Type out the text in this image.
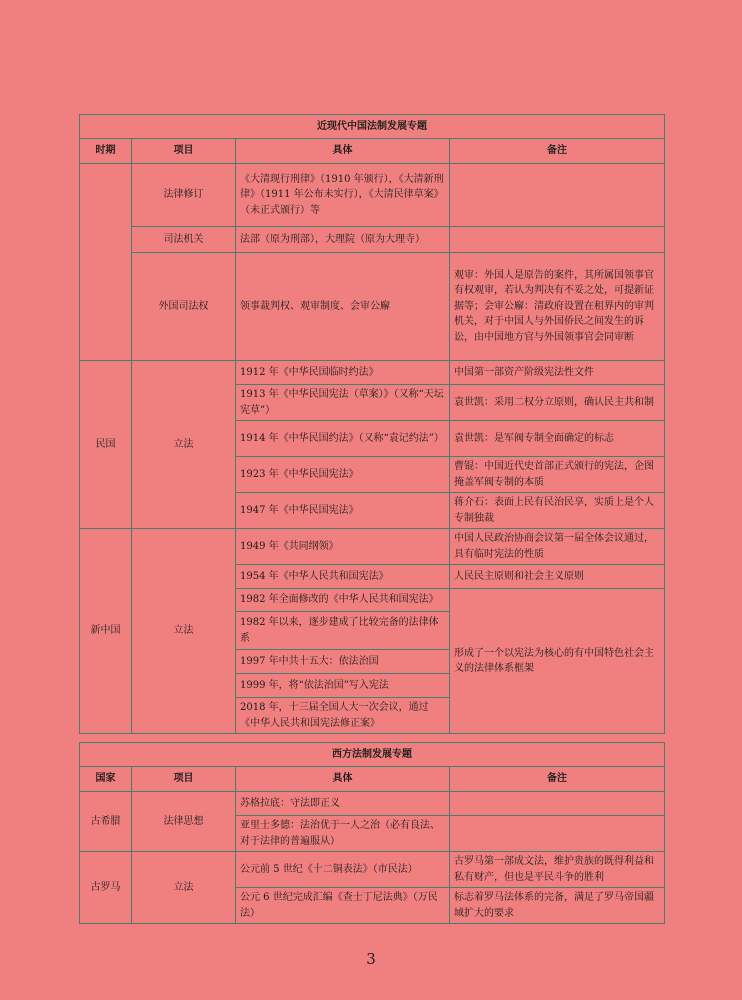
近现代中国法制发展专题			
时期	项目	具体	备注
	法律修订	《大清现行刑律》（1910 年颁行），《大清新刑律》（1911 年公布未实行），《大清民律草案》（未正式颁行）等	
	司法机关	法部（原为刑部），大理院（原为大理寺）	
	外国司法权	领事裁判权、观审制度、会审公廨	观审：外国人是原告的案件，其所属国领事官有权观审，若认为判决有不妥之处，可提新证据等；会审公廨：清政府设置在租界内的审判机关，对于中国人与外国侨民之间发生的诉讼，由中国地方官与外国领事官会同审断
民国	立法	1912 年《中华民国临时约法》	中国第一部资产阶级宪法性文件
		1913 年《中华民国宪法（草案）》（又称“天坛宪草”）	袁世凯：采用二权分立原则，确认民主共和制
		1914 年《中华民国约法》（又称“袁记约法”）	袁世凯：是军阀专制全面确定的标志
		1923 年《中华民国宪法》	曹锟：中国近代史首部正式颁行的宪法，企图掩盖军阀专制的本质
		1947 年《中华民国宪法》	蒋介石：表面上民有民治民享，实质上是个人专制独裁
新中国	立法	1949 年《共同纲领》	中国人民政治协商会议第一届全体会议通过，具有临时宪法的性质
		1954 年《中华人民共和国宪法》	人民民主原则和社会主义原则
		1982 年全面修改的《中华人民共和国宪法》	形成了一个以宪法为核心的有中国特色社会主义的法律体系框架
		1982 年以来，逐步建成了比较完备的法律体系	
		1997 年中共十五大：依法治国	
		1999 年，将“依法治国”写入宪法	
		2018 年，十三届全国人大一次会议，通过《中华人民共和国宪法修正案》	
西方法制发展专题			
国家	项目	具体	备注
古希腊	法律思想	苏格拉底：守法即正义	
		亚里士多德：法治优于一人之治（必有良法、对于法律的普遍服从）	
古罗马	立法	公元前 5 世纪《十二铜表法》（市民法）	古罗马第一部成文法，维护贵族的既得利益和私有财产，但也是平民斗争的胜利
		公元 6 世纪完成汇编《查士丁尼法典》（万民法）	标志着罗马法体系的完备，满足了罗马帝国疆域扩大的要求
3
